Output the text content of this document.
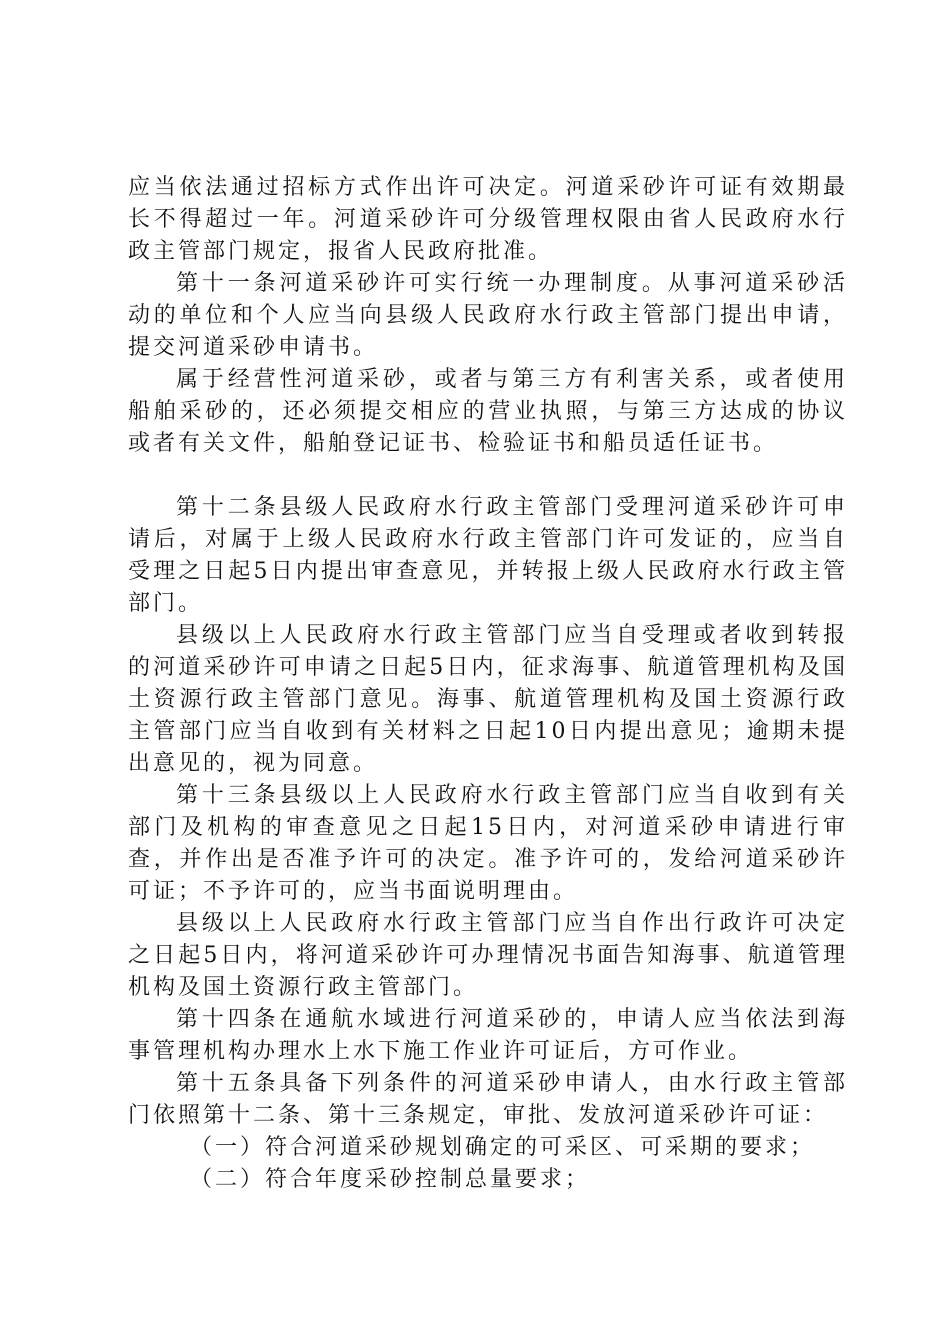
应当依法通过招标方式作出许可决定。河道采砂许可证有效期最长不得超过一年。河道采砂许可分级管理权限由省人民政府水行政主管部门规定，报省人民政府批准。

第十一条河道采砂许可实行统一办理制度。从事河道采砂活动的单位和个人应当向县级人民政府水行政主管部门提出申请，提交河道采砂申请书。

属于经营性河道采砂，或者与第三方有利害关系，或者使用船舶采砂的，还必须提交相应的营业执照，与第三方达成的协议或者有关文件，船舶登记证书、检验证书和船员适任证书。

第十二条县级人民政府水行政主管部门受理河道采砂许可申请后，对属于上级人民政府水行政主管部门许可发证的，应当自受理之日起5日内提出审查意见，并转报上级人民政府水行政主管部门。

县级以上人民政府水行政主管部门应当自受理或者收到转报的河道采砂许可申请之日起5日内，征求海事、航道管理机构及国土资源行政主管部门意见。海事、航道管理机构及国土资源行政主管部门应当自收到有关材料之日起10日内提出意见；逾期未提出意见的，视为同意。

第十三条县级以上人民政府水行政主管部门应当自收到有关部门及机构的审查意见之日起15日内，对河道采砂申请进行审查，并作出是否准予许可的决定。准予许可的，发给河道采砂许可证；不予许可的，应当书面说明理由。

县级以上人民政府水行政主管部门应当自作出行政许可决定之日起5日内，将河道采砂许可办理情况书面告知海事、航道管理机构及国土资源行政主管部门。

第十四条在通航水域进行河道采砂的，申请人应当依法到海事管理机构办理水上水下施工作业许可证后，方可作业。

第十五条具备下列条件的河道采砂申请人，由水行政主管部门依照第十二条、第十三条规定，审批、发放河道采砂许可证：

（一）符合河道采砂规划确定的可采区、可采期的要求；

（二）符合年度采砂控制总量要求；
